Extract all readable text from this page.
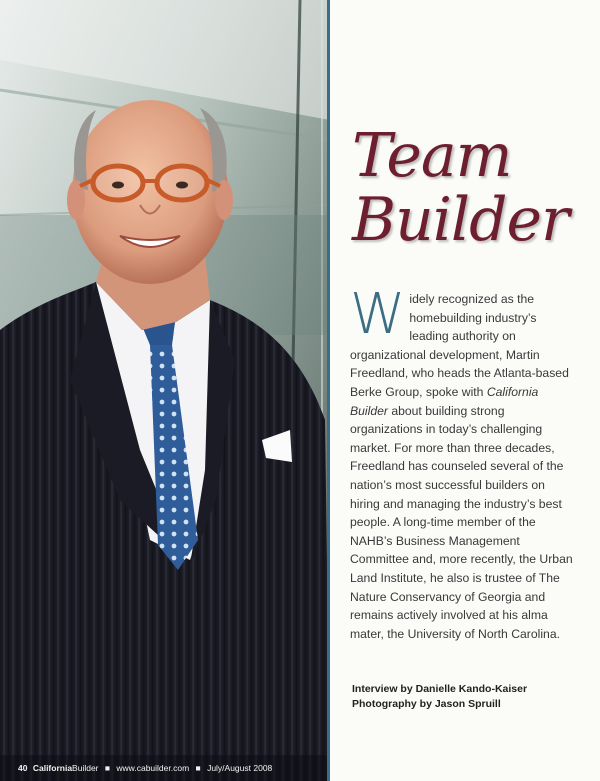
Team
Builder
Widely recognized as the homebuilding industry’s leading authority on organizational development, Martin Freedland, who heads the Atlanta-based Berke Group, spoke with California Builder about building strong organizations in today’s challenging market. For more than three decades, Freedland has counseled several of the nation’s most successful builders on hiring and managing the industry’s best people. A long-time member of the NAHB’s Business Management Committee and, more recently, the Urban Land Institute, he also is trustee of The Nature Conservancy of Georgia and remains actively involved at his alma mater, the University of North Carolina.
Interview by Danielle Kando-Kaiser
Photography by Jason Spruill
40 CaliforniaBuilder ■ www.cabuilder.com ■ July/August 2008
